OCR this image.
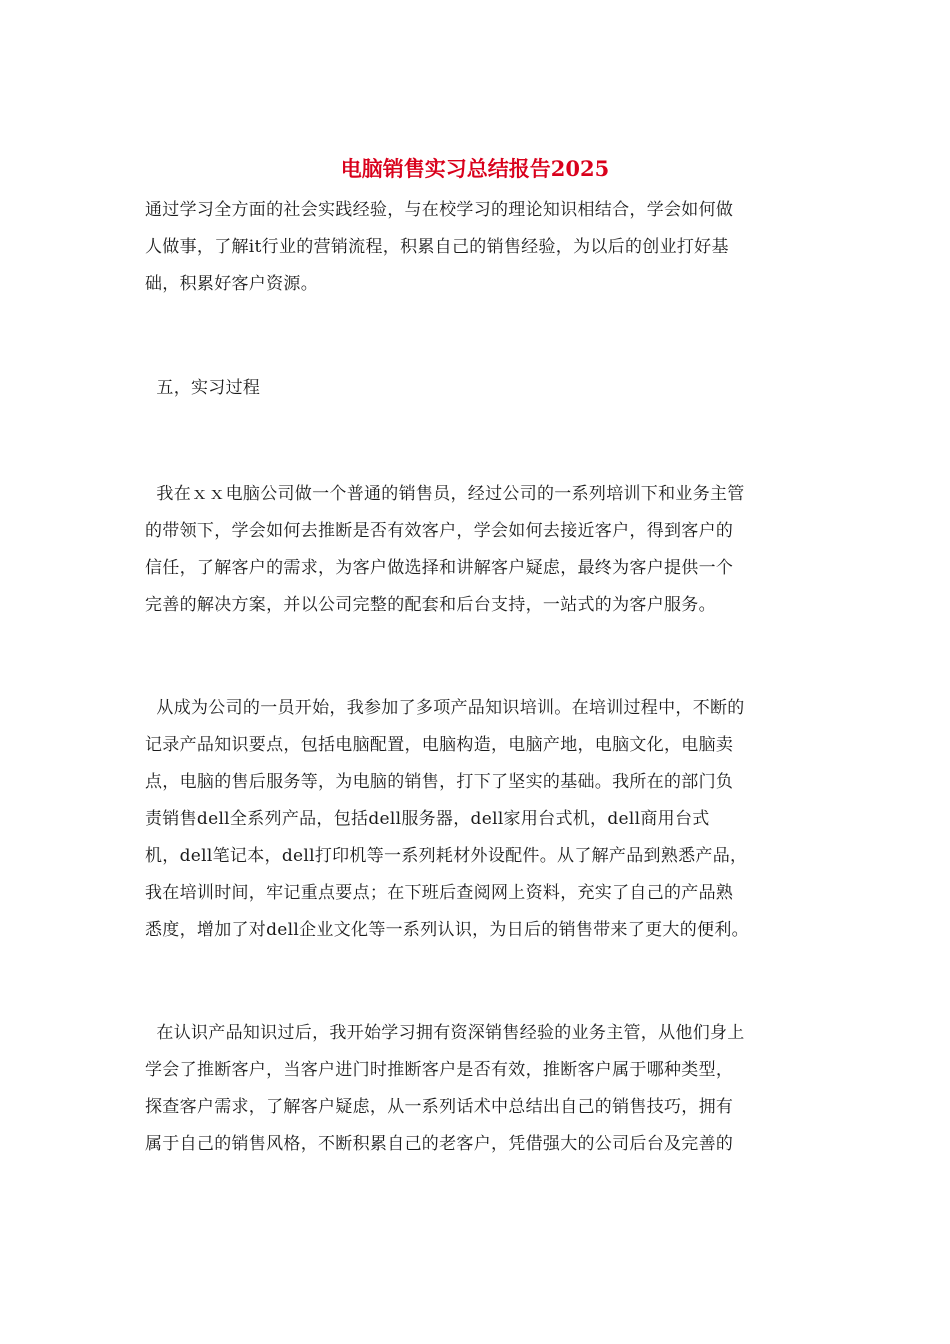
电脑销售实习总结报告2025
通过学习全方面的社会实践经验，与在校学习的理论知识相结合，学会如何做
人做事，了解it行业的营销流程，积累自己的销售经验，为以后的创业打好基
础，积累好客户资源。
五，实习过程
我在ｘｘ电脑公司做一个普通的销售员，经过公司的一系列培训下和业务主管
的带领下，学会如何去推断是否有效客户，学会如何去接近客户，得到客户的
信任，了解客户的需求，为客户做选择和讲解客户疑虑，最终为客户提供一个
完善的解决方案，并以公司完整的配套和后台支持，一站式的为客户服务。
从成为公司的一员开始，我参加了多项产品知识培训。在培训过程中，不断的
记录产品知识要点，包括电脑配置，电脑构造，电脑产地，电脑文化，电脑卖
点，电脑的售后服务等，为电脑的销售，打下了坚实的基础。我所在的部门负
责销售dell全系列产品，包括dell服务器，dell家用台式机，dell商用台式
机，dell笔记本，dell打印机等一系列耗材外设配件。从了解产品到熟悉产品，
我在培训时间，牢记重点要点；在下班后查阅网上资料，充实了自己的产品熟
悉度，增加了对dell企业文化等一系列认识，为日后的销售带来了更大的便利。
在认识产品知识过后，我开始学习拥有资深销售经验的业务主管，从他们身上
学会了推断客户，当客户进门时推断客户是否有效，推断客户属于哪种类型，
探查客户需求，了解客户疑虑，从一系列话术中总结出自己的销售技巧，拥有
属于自己的销售风格，不断积累自己的老客户，凭借强大的公司后台及完善的
